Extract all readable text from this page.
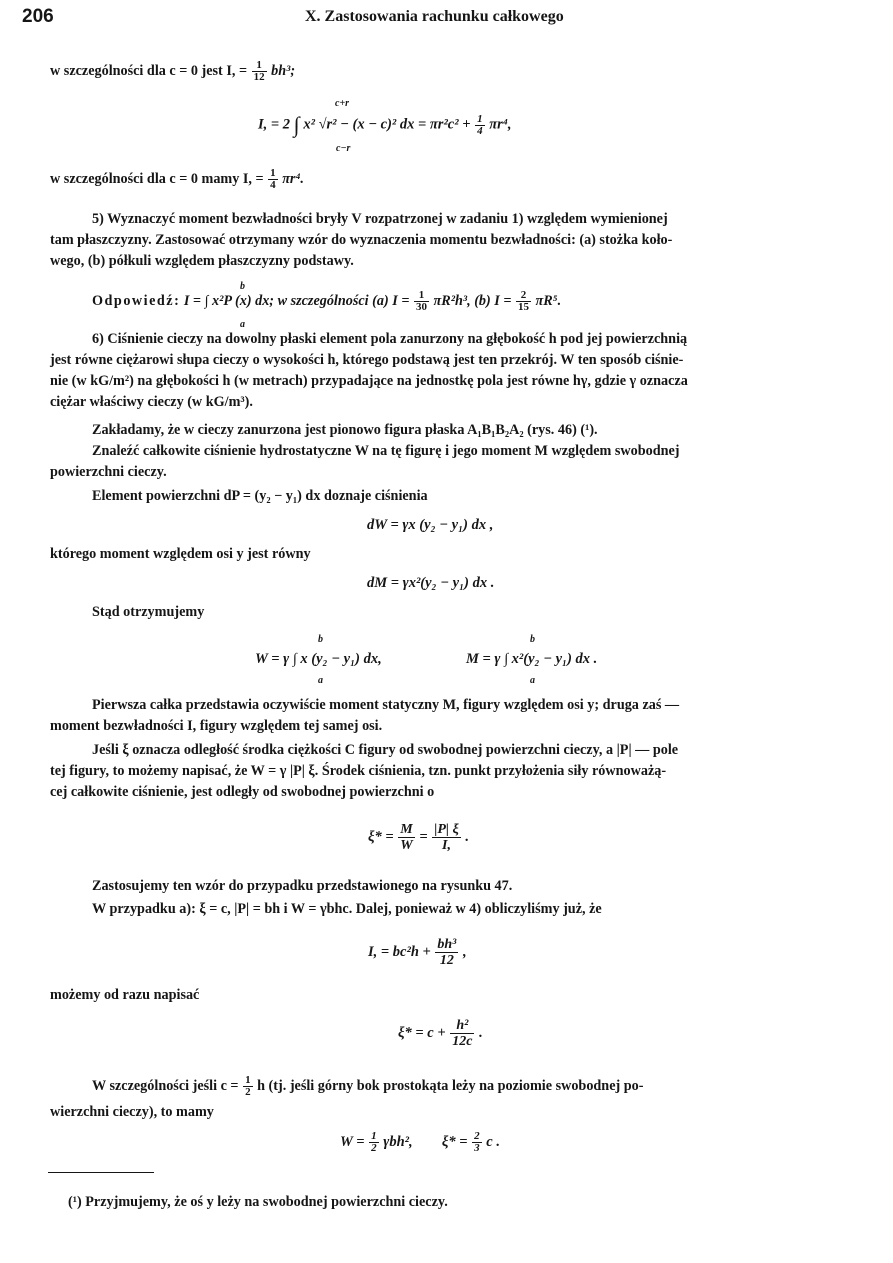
206	X. Zastosowania rachunku całkowego
w szczególności dla c = 0 jest I, = $\frac{1}{12} bh^3$;
I, = 2 ∫ x² √r² − (x − c)² dx = $\pi r^2c^2 + \frac{1}{4} \pi r^4$,
c+r
c−r
w szczególności dla c = 0 mamy I, = $\frac{1}{4} \pi r^4$.
5) Wyznaczyć moment bezwładności bryły V rozpatrzonej w zadaniu 1) względem wymienionej
tam płaszczyzny. Zastosować otrzymany wzór do wyznaczenia momentu bezwładności: (a) stożka koło-
wego, (b) półkuli względem płaszczyzny podstawy.
Odpowiedź: I = ∫ x²P (x) dx; w szczególności (a) $I = \frac{1}{30} \pi R^2h^3$, (b) $I = \frac{2}{15} \pi R^5$.
b
a
6) Ciśnienie cieczy na dowolny płaski element pola zanurzony na głębokość h pod jej powierzchnią
jest równe ciężarowi słupa cieczy o wysokości h, którego podstawą jest ten przekrój. W ten sposób ciśnie-
nie (w kG/m²) na głębokości h (w metrach) przypadające na jednostkę pola jest równe hγ, gdzie γ oznacza
ciężar właściwy cieczy (w kG/m³).
Zakładamy, że w cieczy zanurzona jest pionowo figura płaska A₁B₁B₂A₂ (rys. 46) (¹).
Znaleźć całkowite ciśnienie hydrostatyczne W na tę figurę i jego moment M względem swobodnej
powierzchni cieczy.
Element powierzchni dP = (y₂ − y₁) dx doznaje ciśnienia
dW = γx (y₂ − y₁) dx ,
którego moment względem osi y jest równy
dM = γx²(y₂ − y₁) dx .
Stąd otrzymujemy
W = γ ∫ x (y₂ − y₁) dx,	M = γ ∫ x²(y₂ − y₁) dx .
b
a
b
a
Pierwsza całka przedstawia oczywiście moment statyczny M, figury względem osi y; druga zaś —
moment bezwładności I, figury względem tej samej osi.
Jeśli ξ oznacza odległość środka ciężkości C figury od swobodnej powierzchni cieczy, a |P| — pole
tej figury, to możemy napisać, że W = γ |P| ξ. Środek ciśnienia, tzn. punkt przyłożenia siły równoważą-
cej całkowite ciśnienie, jest odległy od swobodnej powierzchni o
$\xi* = \frac{M}{W} = \frac{|P| \xi}{I,}$ .
Zastosujemy ten wzór do przypadku przedstawionego na rysunku 47.
W przypadku a): ξ = c, |P| = bh i W = γbhc. Dalej, ponieważ w 4) obliczyliśmy już, że
I, = $bc^2h + \frac{\text{bh³}}{12}$ ,
możemy od razu napisać
$\xi* = c + \frac{\text{h²}}{12c}$ .
W szczególności jeśli $c = \frac{1}{2}$ h (tj. jeśli górny bok prostokąta leży na poziomie swobodnej po-
wierzchni cieczy), to mamy
$W = \frac{1}{2} \gamma bh^2$, $\xi* = \frac{2}{3}$ c .
(¹) Przyjmujemy, że oś y leży na swobodnej powierzchni cieczy.
